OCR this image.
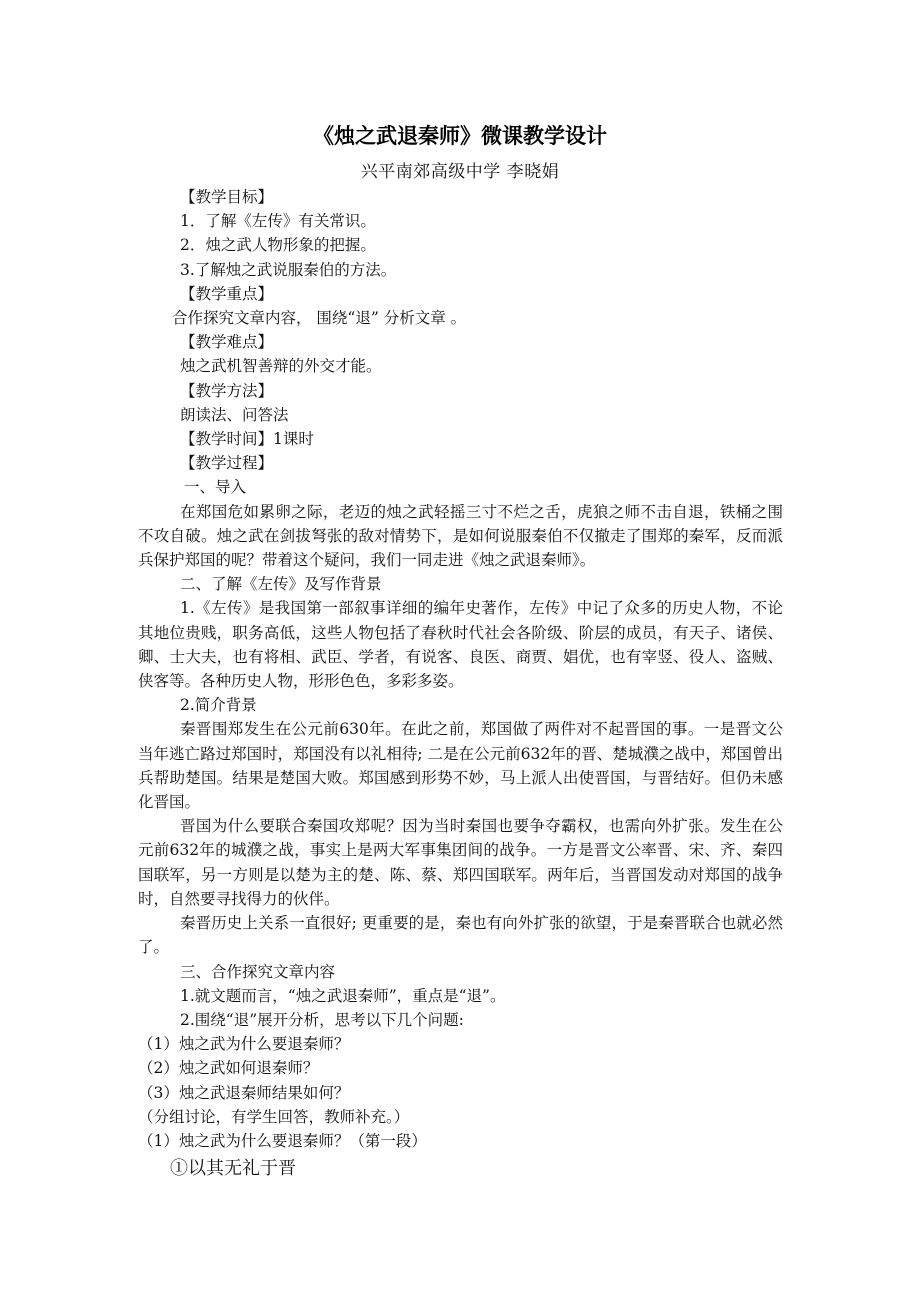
《烛之武退秦师》微课教学设计
兴平南郊高级中学 李晓娟
【教学目标】
1．了解《左传》有关常识。
2．烛之武人物形象的把握。
3.了解烛之武说服秦伯的方法。
【教学重点】
合作探究文章内容， 围绕“退” 分析文章 。
【教学难点】
烛之武机智善辩的外交才能。
【教学方法】
朗读法、问答法
【教学时间】1课时
【教学过程】
一、导入
在郑国危如累卵之际，老迈的烛之武轻摇三寸不烂之舌，虎狼之师不击自退，铁桶之围不攻自破。烛之武在剑拔弩张的敌对情势下，是如何说服秦伯不仅撤走了围郑的秦军，反而派兵保护郑国的呢？带着这个疑问，我们一同走进《烛之武退秦师》。
二、了解《左传》及写作背景
1.《左传》是我国第一部叙事详细的编年史著作，左传》中记了众多的历史人物，不论其地位贵贱，职务高低，这些人物包括了春秋时代社会各阶级、阶层的成员，有天子、诸侯、卿、士大夫，也有将相、武臣、学者，有说客、良医、商贾、娼优，也有宰竖、役人、盗贼、侠客等。各种历史人物，形形色色，多彩多姿。
2.简介背景
秦晋围郑发生在公元前630年。在此之前，郑国做了两件对不起晋国的事。一是晋文公当年逃亡路过郑国时，郑国没有以礼相待; 二是在公元前632年的晋、楚城濮之战中，郑国曾出兵帮助楚国。结果是楚国大败。郑国感到形势不妙，马上派人出使晋国，与晋结好。但仍未感化晋国。
晋国为什么要联合秦国攻郑呢？因为当时秦国也要争夺霸权，也需向外扩张。发生在公元前632年的城濮之战，事实上是两大军事集团间的战争。一方是晋文公率晋、宋、齐、秦四国联军，另一方则是以楚为主的楚、陈、蔡、郑四国联军。两年后，当晋国发动对郑国的战争时，自然要寻找得力的伙伴。
秦晋历史上关系一直很好; 更重要的是，秦也有向外扩张的欲望，于是秦晋联合也就必然了。
三、合作探究文章内容
1.就文题而言，“烛之武退秦师”，重点是“退”。
2.围绕“退”展开分析，思考以下几个问题:
（1）烛之武为什么要退秦师？
（2）烛之武如何退秦师？
（3）烛之武退秦师结果如何？
（分组讨论，有学生回答，教师补充。）
（1）烛之武为什么要退秦师？（第一段）
①以其无礼于晋
